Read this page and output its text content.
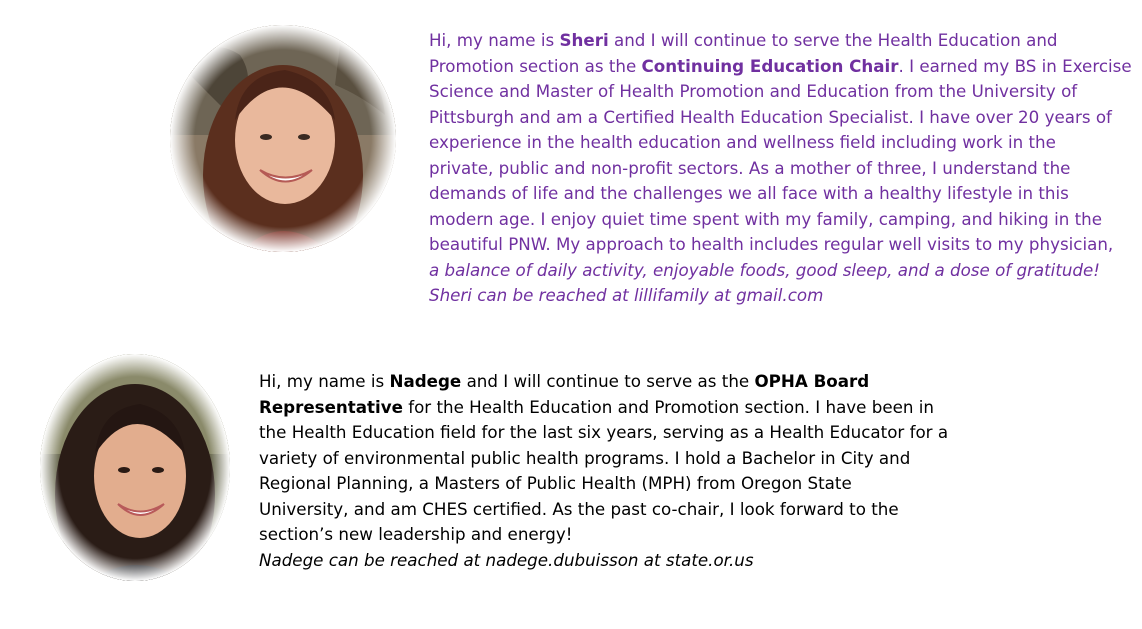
Hi, my name is Sheri and I will continue to serve the Health Education and
Promotion section as the Continuing Education Chair. I earned my BS in Exercise
Science and Master of Health Promotion and Education from the University of
Pittsburgh and am a Certified Health Education Specialist. I have over 20 years of
experience in the health education and wellness field including work in the
private, public and non-profit sectors. As a mother of three, I understand the
demands of life and the challenges we all face with a healthy lifestyle in this
modern age. I enjoy quiet time spent with my family, camping, and hiking in the
beautiful PNW. My approach to health includes regular well visits to my physician,
a balance of daily activity, enjoyable foods, good sleep, and a dose of gratitude!
Sheri can be reached at lillifamily at gmail.com

Hi, my name is Nadege and I will continue to serve as the OPHA Board
Representative for the Health Education and Promotion section. I have been in
the Health Education field for the last six years, serving as a Health Educator for a
variety of environmental public health programs. I hold a Bachelor in City and
Regional Planning, a Masters of Public Health (MPH) from Oregon State
University, and am CHES certified. As the past co-chair, I look forward to the
section’s new leadership and energy!
Nadege can be reached at nadege.dubuisson at state.or.us
